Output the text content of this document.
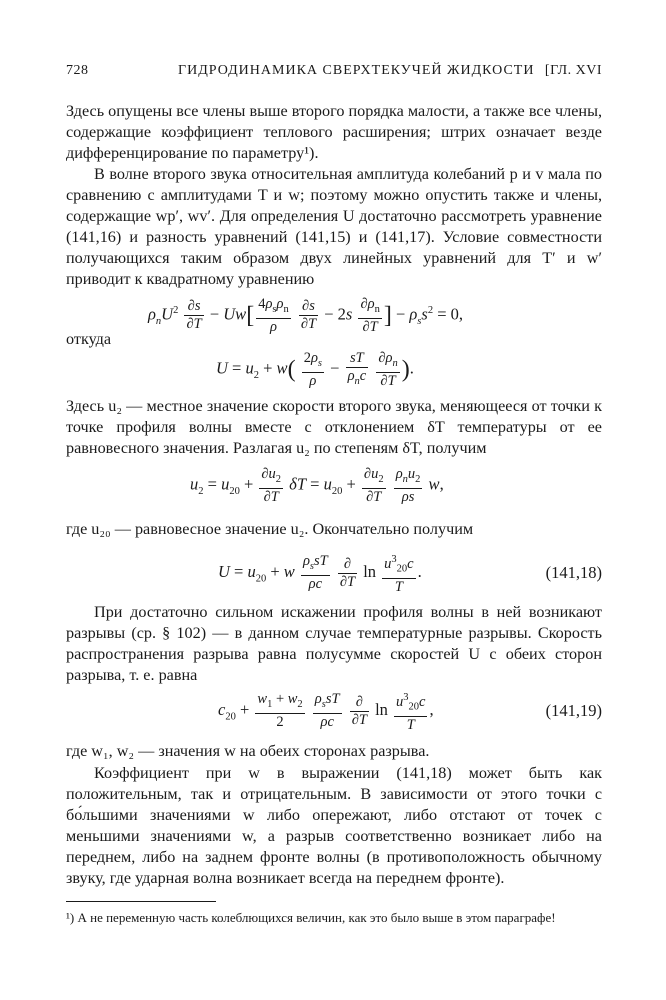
728	ГИДРОДИНАМИКА СВЕРХТЕКУЧЕЙ ЖИДКОСТИ [ГЛ. XVI

Здесь опущены все члены выше второго порядка малости, а также все члены, содержащие коэффициент теплового расширения; штрих означает везде дифференцирование по параметру¹).

В волне второго звука относительная амплитуда колебаний p и v мала по сравнению с амплитудами T и w; поэтому можно опустить также и члены, содержащие wp′, wv′. Для определения U достаточно рассмотреть уравнение (141,16) и разность уравнений (141,15) и (141,17). Условие совместности получающихся таким образом двух линейных уравнений для T′ и w′ приводит к квадратному уравнению

$\rho_nU^2 \frac{\partial s}{\partial T} - Uw[ \frac{4\rho_s\rho_n}{\rho}$
$\frac{\partial s}{\partial T} - 2s \frac{\partial\rho_n}{\partial T}$ ] − $\rho_ss^2 = 0$,
откуда
$U = u_2 + w( \frac{2\rho_s}{\rho} - \frac{sT}{\rho_nc}$
$\frac{\partial\rho_n}{\partial T}$ ).

Здесь u₂ — местное значение скорости второго звука, меняющееся от точки к точке профиля волны вместе с отклонением δT температуры от ее равновесного значения. Разлагая u₂ по степеням δT, получим

$u_2 = u_{20} + \frac{\partial u_2}{\partial T}$ $\delta T = u_{20} + \frac{\partial u_2}{\partial T}$
$\frac{\rho_nu_2}{\rho s} w$,

где u₂₀ — равновесное значение u₂. Окончательно получим

$U = u_{20} + w \frac{\rho_ssT}{\rho c}$
$\frac{\partial}{\partial T}$ $\ln \frac{u^3_{20}c}{T}$ .	(141,18)

При достаточно сильном искажении профиля волны в ней возникают разрывы (ср. § 102) — в данном случае температурные разрывы. Скорость распространения разрыва равна полусумме скоростей U с обеих сторон разрыва, т. е. равна

$c_{20} + \frac{w_1 + w_2}{2}$
$\frac{\rho_ssT}{\rho c}$
$\frac{\partial}{\partial T}$ $\ln \frac{u^3_{20}c}{T}$ ,	(141,19)

где w₁, w₂ — значения w на обеих сторонах разрыва.

Коэффициент при w в выражении (141,18) может быть как положительным, так и отрицательным. В зависимости от этого точки с бо́льшими значениями w либо опережают, либо отстают от точек с меньшими значениями w, а разрыв соответственно возникает либо на переднем, либо на заднем фронте волны (в противоположность обычному звуку, где ударная волна возникает всегда на переднем фронте).

¹) А не переменную часть колеблющихся величин, как это было выше в этом параграфе!
